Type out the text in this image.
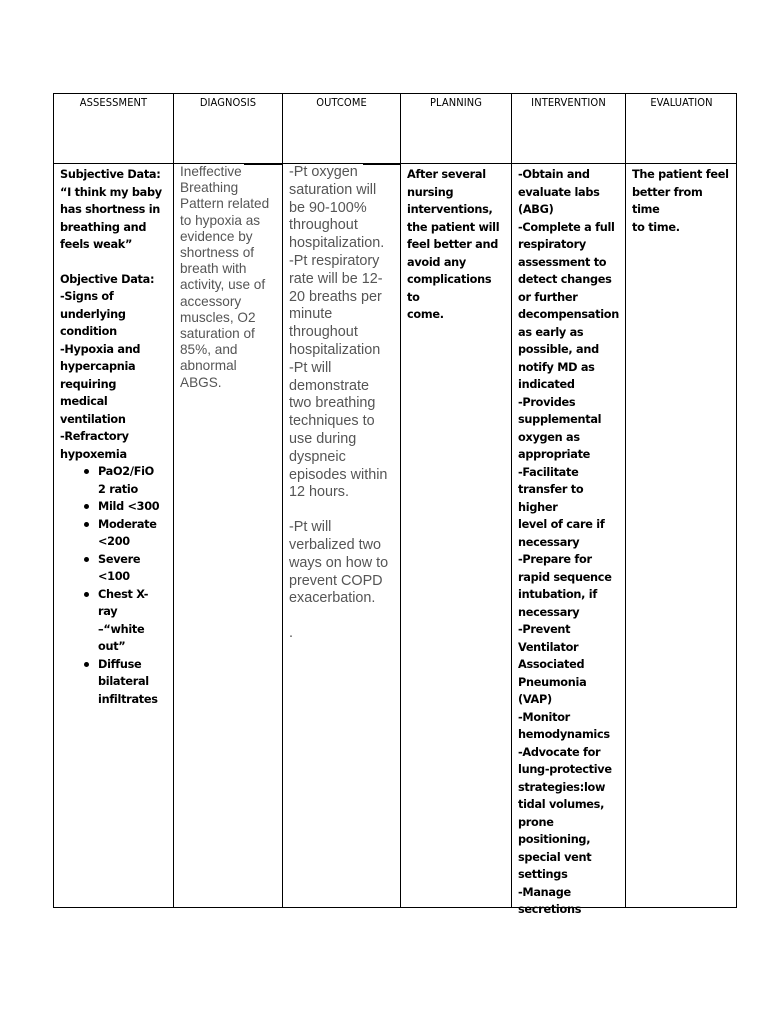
ASSESSMENT
Subjective Data:
“I think my baby
has shortness in
breathing and
feels weak”
Objective Data:
-Signs of
underlying
condition
-Hypoxia and
hypercapnia
requiring medical
ventilation
-Refractory
hypoxemia
PaO2/FiO
2 ratio
Mild <300
Moderate
<200
Severe
<100
Chest X-
ray
–“white
out”
Diffuse
bilateral
infiltrates
DIAGNOSIS
Ineffective
Breathing
Pattern related
to hypoxia as
evidence by
shortness of
breath with
activity, use of
accessory
muscles, O2
saturation of
85%, and
abnormal
ABGS.
OUTCOME
-Pt oxygen
saturation will
be 90-100%
throughout
hospitalization.
-Pt respiratory
rate will be 12-
20 breaths per
minute
throughout
hospitalization
-Pt will
demonstrate
two breathing
techniques to
use during
dyspneic
episodes within
12 hours.
-Pt will
verbalized two
ways on how to
prevent COPD
exacerbation.
.
PLANNING
After several
nursing
interventions,
the patient will
feel better and
avoid any
complications to
come.
INTERVENTION
-Obtain and
evaluate labs
(ABG)
-Complete a full
respiratory
assessment to
detect changes
or further
decompensation
as early as
possible, and
notify MD as
indicated
-Provides
supplemental
oxygen as
appropriate
-Facilitate
transfer to higher
level of care if
necessary
-Prepare for
rapid sequence
intubation, if
necessary
-Prevent
Ventilator
Associated
Pneumonia (VAP)
-Monitor
hemodynamics
-Advocate for
lung-protective
strategies:low
tidal volumes,
prone
positioning,
special vent
settings
-Manage
secretions
EVALUATION
The patient feel
better from time
to time.
